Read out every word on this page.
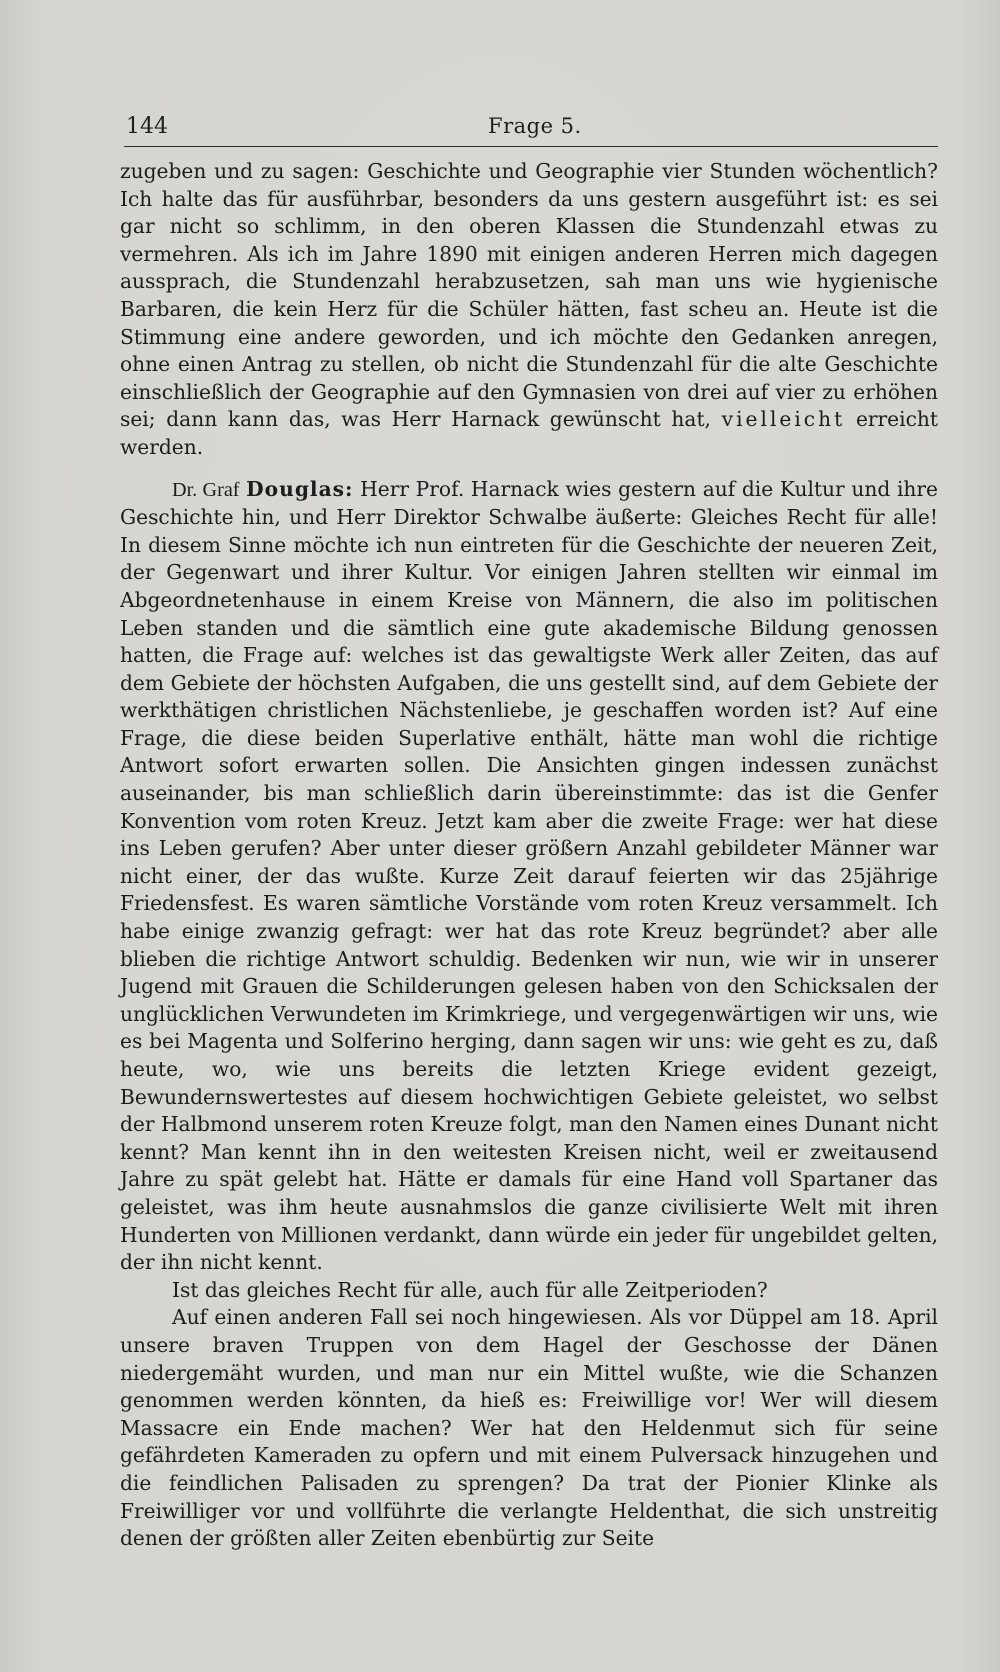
144	Frage 5.

zugeben und zu sagen: Geschichte und Geographie vier Stunden wöchentlich? Ich halte das für ausführbar, besonders da uns gestern ausgeführt ist: es sei gar nicht so schlimm, in den oberen Klassen die Stundenzahl etwas zu vermehren. Als ich im Jahre 1890 mit einigen anderen Herren mich dagegen aussprach, die Stundenzahl herabzusetzen, sah man uns wie hygienische Barbaren, die kein Herz für die Schüler hätten, fast scheu an. Heute ist die Stimmung eine andere geworden, und ich möchte den Gedanken anregen, ohne einen Antrag zu stellen, ob nicht die Stundenzahl für die alte Geschichte einschließlich der Geographie auf den Gymnasien von drei auf vier zu erhöhen sei; dann kann das, was Herr Harnack gewünscht hat, vielleicht erreicht werden.

Dr. Graf Douglas: Herr Prof. Harnack wies gestern auf die Kultur und ihre Geschichte hin, und Herr Direktor Schwalbe äußerte: Gleiches Recht für alle! In diesem Sinne möchte ich nun eintreten für die Geschichte der neueren Zeit, der Gegenwart und ihrer Kultur. Vor einigen Jahren stellten wir einmal im Abgeordnetenhause in einem Kreise von Männern, die also im politischen Leben standen und die sämtlich eine gute akademische Bildung genossen hatten, die Frage auf: welches ist das gewaltigste Werk aller Zeiten, das auf dem Gebiete der höchsten Aufgaben, die uns gestellt sind, auf dem Gebiete der werkthätigen christlichen Nächstenliebe, je geschaffen worden ist? Auf eine Frage, die diese beiden Superlative enthält, hätte man wohl die richtige Antwort sofort erwarten sollen. Die Ansichten gingen indessen zunächst auseinander, bis man schließlich darin übereinstimmte: das ist die Genfer Konvention vom roten Kreuz. Jetzt kam aber die zweite Frage: wer hat diese ins Leben gerufen? Aber unter dieser größern Anzahl gebildeter Männer war nicht einer, der das wußte. Kurze Zeit darauf feierten wir das 25jährige Friedensfest. Es waren sämtliche Vorstände vom roten Kreuz versammelt. Ich habe einige zwanzig gefragt: wer hat das rote Kreuz begründet? aber alle blieben die richtige Antwort schuldig. Bedenken wir nun, wie wir in unserer Jugend mit Grauen die Schilderungen gelesen haben von den Schicksalen der unglücklichen Verwundeten im Krimkriege, und vergegenwärtigen wir uns, wie es bei Magenta und Solferino herging, dann sagen wir uns: wie geht es zu, daß heute, wo, wie uns bereits die letzten Kriege evident gezeigt, Bewundernswertestes auf diesem hochwichtigen Gebiete geleistet, wo selbst der Halbmond unserem roten Kreuze folgt, man den Namen eines Dunant nicht kennt? Man kennt ihn in den weitesten Kreisen nicht, weil er zweitausend Jahre zu spät gelebt hat. Hätte er damals für eine Hand voll Spartaner das geleistet, was ihm heute ausnahmslos die ganze civilisierte Welt mit ihren Hunderten von Millionen verdankt, dann würde ein jeder für ungebildet gelten, der ihn nicht kennt.

Ist das gleiches Recht für alle, auch für alle Zeitperioden?

Auf einen anderen Fall sei noch hingewiesen. Als vor Düppel am 18. April unsere braven Truppen von dem Hagel der Geschosse der Dänen niedergemäht wurden, und man nur ein Mittel wußte, wie die Schanzen genommen werden könnten, da hieß es: Freiwillige vor! Wer will diesem Massacre ein Ende machen? Wer hat den Heldenmut sich für seine gefährdeten Kameraden zu opfern und mit einem Pulversack hinzugehen und die feindlichen Palisaden zu sprengen? Da trat der Pionier Klinke als Freiwilliger vor und vollführte die verlangte Heldenthat, die sich unstreitig denen der größten aller Zeiten ebenbürtig zur Seite
